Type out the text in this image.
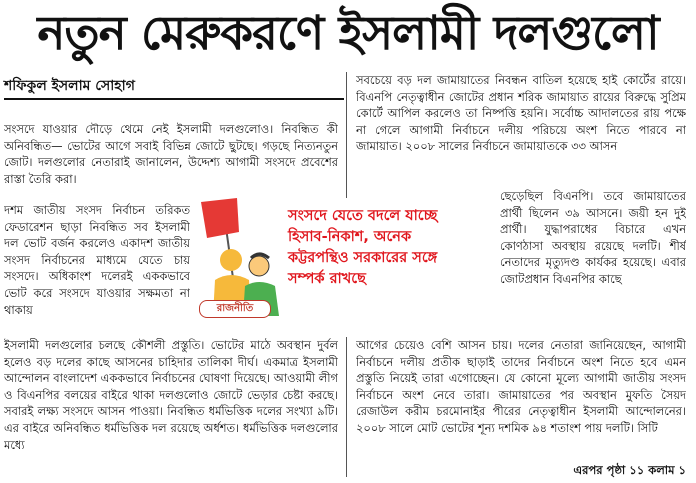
নতুন মেরুকরণে ইসলামী দলগুলো
শফিকুল ইসলাম সোহাগ

সংসদে যাওয়ার দৌড়ে থেমে নেই ইসলামী দলগুলোও। নিবন্ধিত কী অনিবন্ধিত— ভোটের আগে সবাই বিভিন্ন জোটে ছুটছে। গড়ছে নিত্যনতুন জোট। দলগুলোর নেতারাই জানালেন, উদ্দেশ্য আগামী সংসদে প্রবেশের রাস্তা তৈরি করা।

দশম জাতীয় সংসদ নির্বাচন তরিকত ফেডারেশন ছাড়া নিবন্ধিত সব ইসলামী দল ভোট বর্জন করলেও একাদশ জাতীয় সংসদ নির্বাচনের মাধ্যমে যেতে চায় সংসদে। অধিকাংশ দলেরই এককভাবে ভোট করে সংসদে যাওয়ার সক্ষমতা না থাকায়

সবচেয়ে বড় দল জামায়াতের নিবন্ধন বাতিল হয়েছে হাই কোর্টের রায়ে। বিএনপি নেতৃত্বাধীন জোটের প্রধান শরিক জামায়াত রায়ের বিরুদ্ধে সুপ্রিম কোর্টে আপিল করলেও তা নিষ্পত্তি হয়নি। সর্বোচ্চ আদালতের রায় পক্ষে না গেলে আগামী নির্বাচনে দলীয় পরিচয়ে অংশ নিতে পারবে না জামায়াত। ২০০৮ সালের নির্বাচনে জামায়াতকে ৩৩ আসন

ছেড়েছিল বিএনপি। তবে জামায়াতের প্রার্থী ছিলেন ৩৯ আসনে। জয়ী হন দুই প্রার্থী। যুদ্ধাপরাধের বিচারে এখন কোণঠাসা অবস্থায় রয়েছে দলটি। শীর্ষ নেতাদের মৃত্যুদণ্ড কার্যকর হয়েছে। এবার জোটপ্রধান বিএনপির কাছে

ইসলামী দলগুলোর চলছে কৌশলী প্রস্তুতি। ভোটের মাঠে অবস্থান দুর্বল হলেও বড় দলের কাছে আসনের চাহিদার তালিকা দীর্ঘ। একমাত্র ইসলামী আন্দোলন বাংলাদেশ এককভাবে নির্বাচনের ঘোষণা দিয়েছে। আওয়ামী লীগ ও বিএনপির বলয়ের বাইরে থাকা দলগুলোও জোটে ভেড়ার চেষ্টা করছে। সবারই লক্ষ্য সংসদে আসন পাওয়া। নিবন্ধিত ধর্মভিত্তিক দলের সংখ্যা ৯টি। এর বাইরে অনিবন্ধিত ধর্মভিত্তিক দল রয়েছে অর্ধশত। ধর্মভিত্তিক দলগুলোর মধ্যে

আগের চেয়েও বেশি আসন চায়। দলের নেতারা জানিয়েছেন, আগামী নির্বাচনে দলীয় প্রতীক ছাড়াই তাদের নির্বাচনে অংশ নিতে হবে এমন প্রস্তুতি নিয়েই তারা এগোচ্ছেন। যে কোনো মূল্যে আগামী জাতীয় সংসদ নির্বাচনে অংশ নেবে তারা। জামায়াতের পর অবস্থান মুফতি সৈয়দ রেজাউল করীম চরমোনাইর পীরের নেতৃত্বাধীন ইসলামী আন্দোলনের। ২০০৮ সালে মোট ভোটের শূন্য দশমিক ৯৪ শতাংশ পায় দলটি। সিটি

রাজনীতি

সংসদে যেতে বদলে যাচ্ছে

হিসাব-নিকাশ, অনেক

কট্টরপন্থিও সরকারের সঙ্গে

সম্পর্ক রাখছে

এরপর পৃষ্ঠা ১১ কলাম ১
